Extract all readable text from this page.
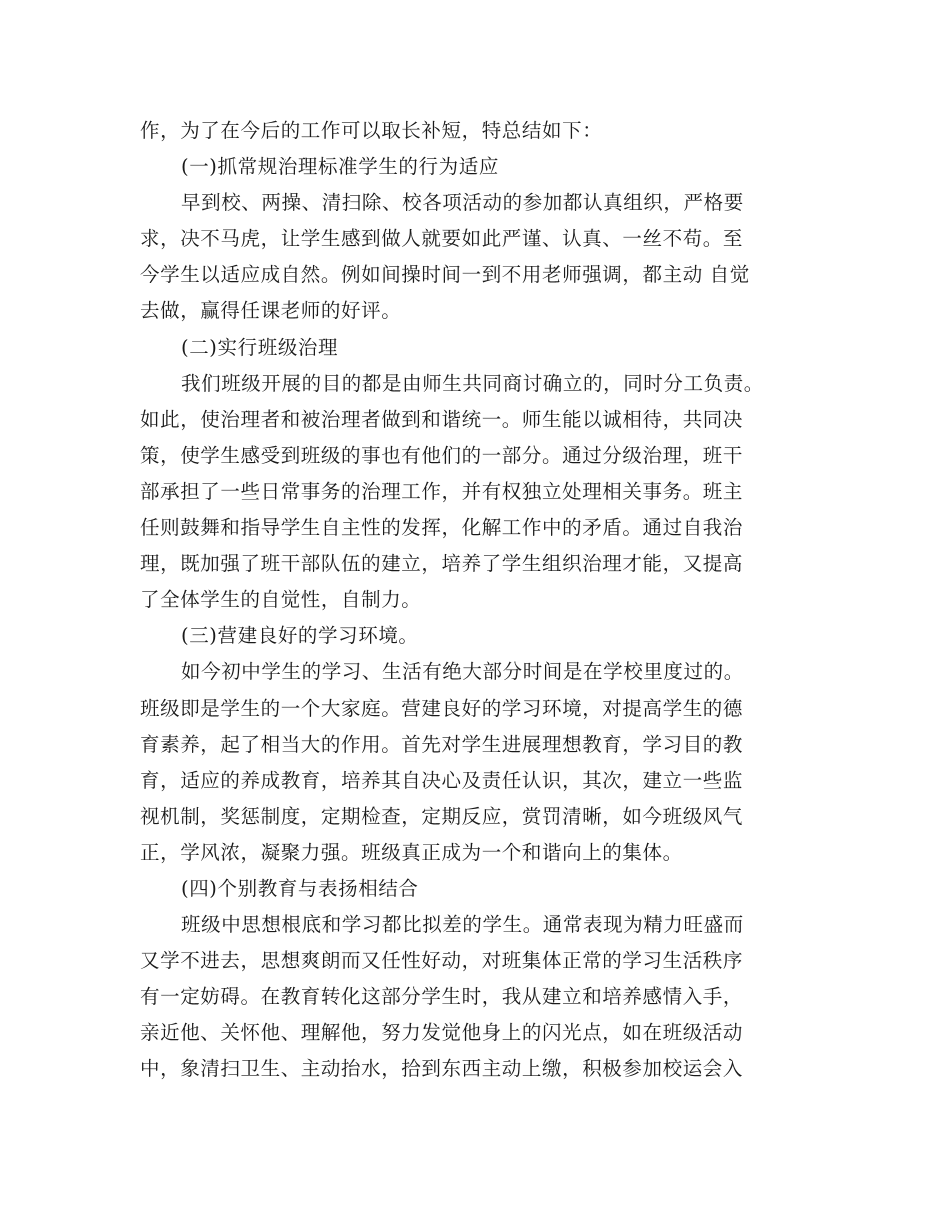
作，为了在今后的工作可以取长补短，特总结如下：
(一)抓常规治理标准学生的行为适应
早到校、两操、清扫除、校各项活动的参加都认真组织，严格要
求，决不马虎，让学生感到做人就要如此严谨、认真、一丝不苟。至
今学生以适应成自然。例如间操时间一到不用老师强调，都主动 自觉
去做，赢得任课老师的好评。
(二)实行班级治理
我们班级开展的目的都是由师生共同商讨确立的，同时分工负责。
如此，使治理者和被治理者做到和谐统一。师生能以诚相待，共同决
策，使学生感受到班级的事也有他们的一部分。通过分级治理，班干
部承担了一些日常事务的治理工作，并有权独立处理相关事务。班主
任则鼓舞和指导学生自主性的发挥，化解工作中的矛盾。通过自我治
理，既加强了班干部队伍的建立，培养了学生组织治理才能，又提高
了全体学生的自觉性，自制力。
(三)营建良好的学习环境。
如今初中学生的学习、生活有绝大部分时间是在学校里度过的。
班级即是学生的一个大家庭。营建良好的学习环境，对提高学生的德
育素养，起了相当大的作用。首先对学生进展理想教育，学习目的教
育，适应的养成教育，培养其自决心及责任认识，其次，建立一些监
视机制，奖惩制度，定期检查，定期反应，赏罚清晰，如今班级风气
正，学风浓，凝聚力强。班级真正成为一个和谐向上的集体。
(四)个别教育与表扬相结合
班级中思想根底和学习都比拟差的学生。通常表现为精力旺盛而
又学不进去，思想爽朗而又任性好动，对班集体正常的学习生活秩序
有一定妨碍。在教育转化这部分学生时，我从建立和培养感情入手，
亲近他、关怀他、理解他，努力发觉他身上的闪光点，如在班级活动
中，象清扫卫生、主动抬水，拾到东西主动上缴，积极参加校运会入
